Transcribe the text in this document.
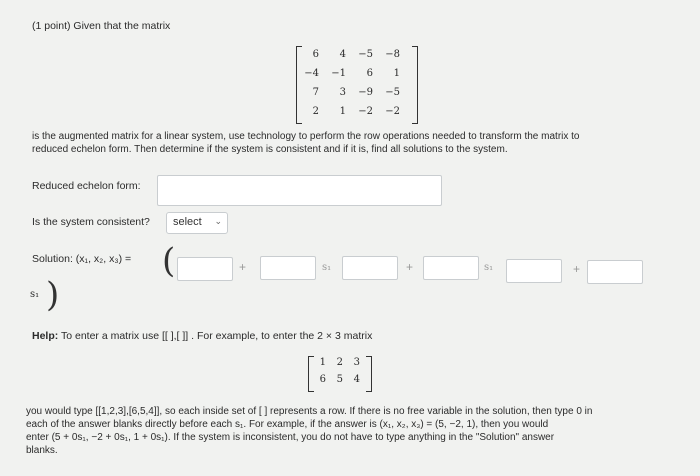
(1 point) Given that the matrix
6	4	−5	−8
−4	−1	6	1
7	3	−9	−5
2	1	−2	−2
is the augmented matrix for a linear system, use technology to perform the row operations needed to transform the matrix to
reduced echelon form. Then determine if the system is consistent and if it is, find all solutions to the system.
Reduced echelon form:
Is the system consistent?	select ⌄
Solution: (x₁, x₂, x₃) = (	+	s₁	+	s₁	+
s₁ )
Help: To enter a matrix use [[ ],[ ]] . For example, to enter the 2 × 3 matrix
1	2	3
6	5	4
you would type [[1,2,3],[6,5,4]], so each inside set of [ ] represents a row. If there is no free variable in the solution, then type 0 in
each of the answer blanks directly before each s₁. For example, if the answer is (x₁, x₂, x₃) = (5, −2, 1), then you would
enter (5 + 0s₁, −2 + 0s₁, 1 + 0s₁). If the system is inconsistent, you do not have to type anything in the "Solution" answer
blanks.
